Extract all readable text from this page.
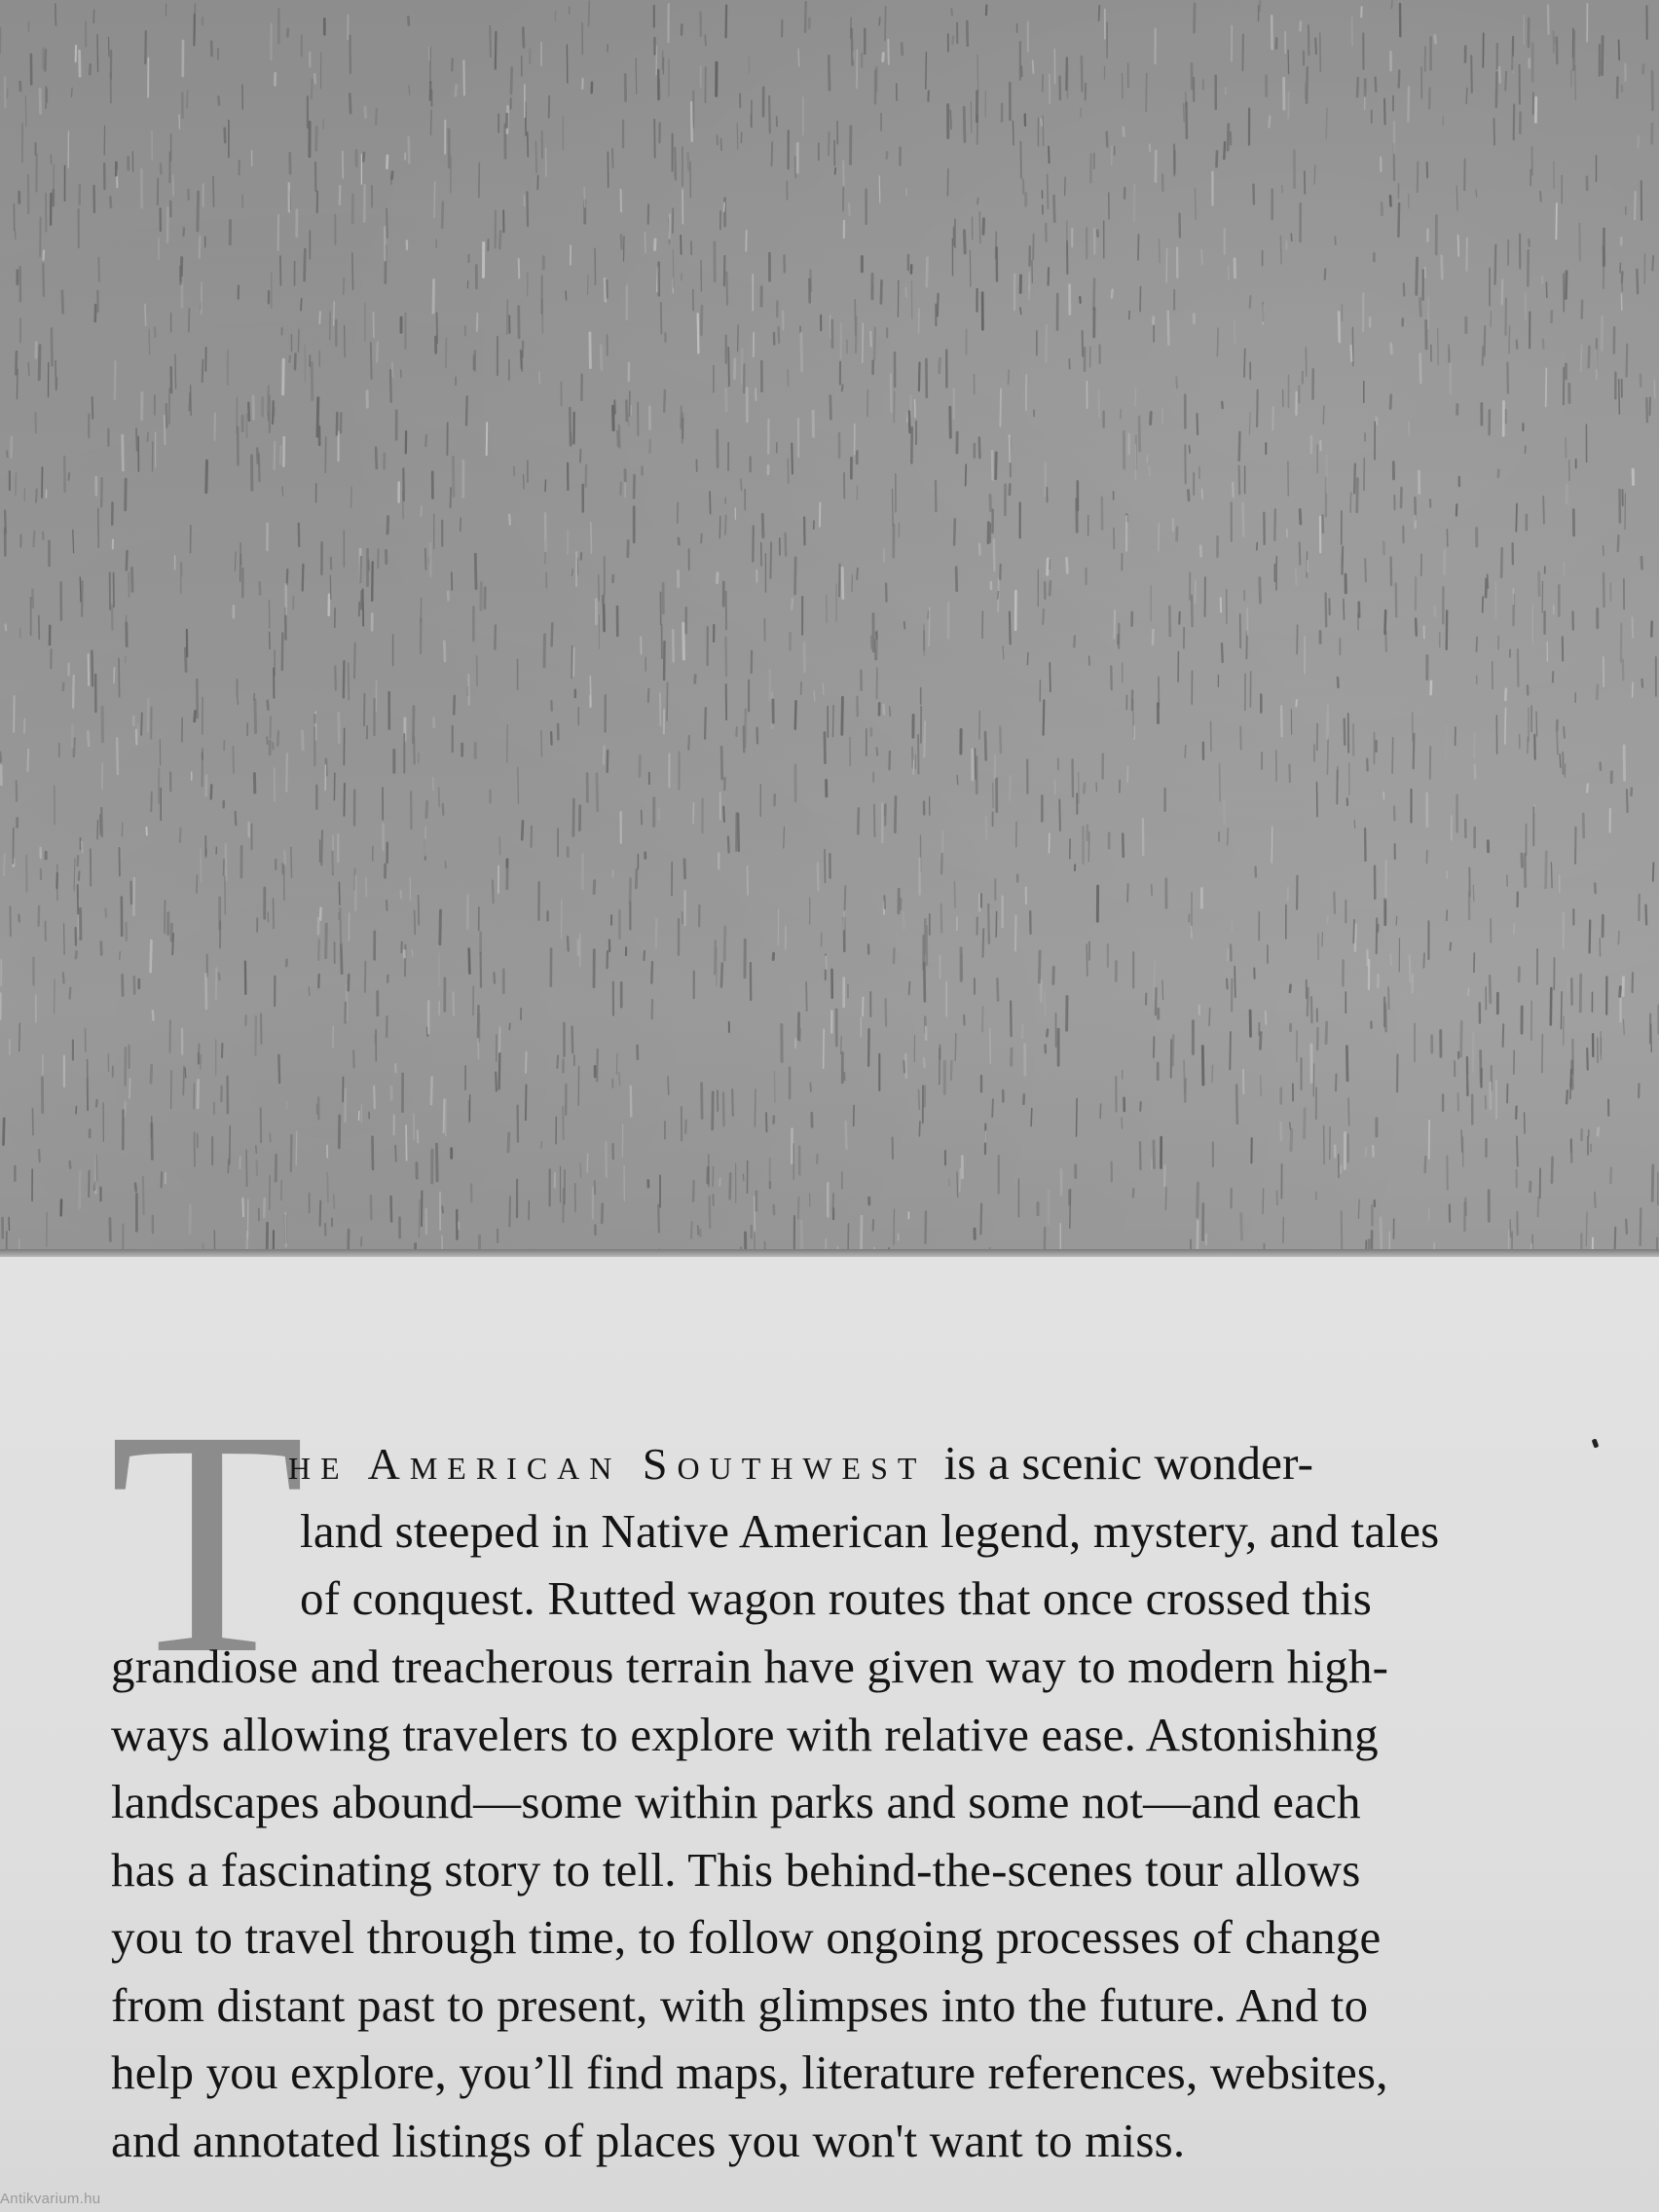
T

he American Southwest is a scenic wonder-

land steeped in Native American legend, mystery, and tales

of conquest. Rutted wagon routes that once crossed this

grandiose and treacherous terrain have given way to modern high-

ways allowing travelers to explore with relative ease. Astonishing

landscapes abound—some within parks and some not—and each

has a fascinating story to tell. This behind-the-scenes tour allows

you to travel through time, to follow ongoing processes of change

from distant past to present, with glimpses into the future. And to

help you explore, you’ll find maps, literature references, websites,

and annotated listings of places you won't want to miss.

Antikvarium.hu
